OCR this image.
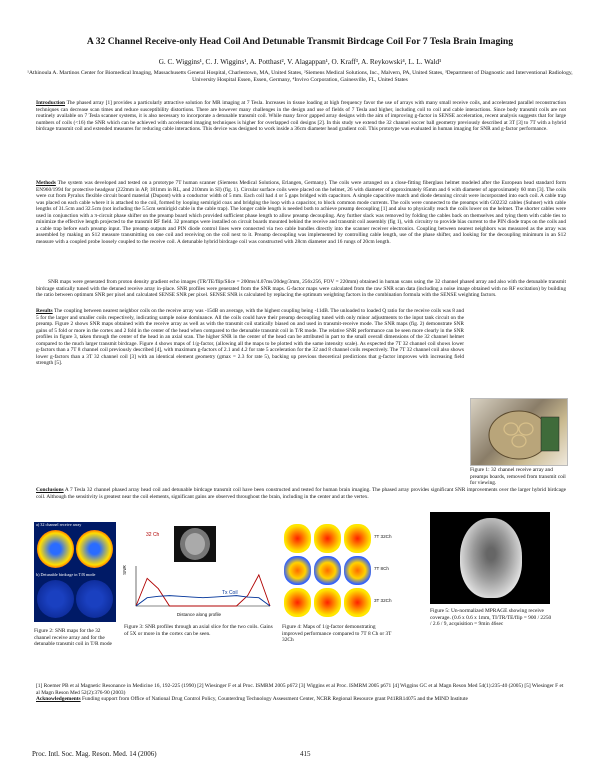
A 32 Channel Receive-only Head Coil And Detunable Transmit Birdcage Coil For 7 Tesla Brain Imaging
G. C. Wiggins¹, C. J. Wiggins¹, A. Potthast², V. Alagappan¹, O. Kraff³, A. Reykowski⁴, L. L. Wald¹
¹Athinoula A. Martinos Center for Biomedical Imaging, Massachusetts General Hospital, Charlestown, MA, United States, ²Siemens Medical Solutions, Inc., Malvern, PA, United States, ³Department of Diagnostic and Interventional Radiology, University Hospital Essen, Essen, Germany, ⁴Invivo Corporation, Gainesville, FL, United States
Introduction The phased array [1] provides a particularly attractive solution for MR imaging at 7 Tesla. Increases in tissue loading at high frequency favor the use of arrays with many small receive coils, and accelerated parallel reconstruction techniques can decrease scan times and reduce susceptibility distortions. There are however many challenges in the design and use of fields of 7 Tesla and higher, including coil to coil and cable interactions. Since body transmit coils are not routinely available on 7 Tesla scanner systems, it is also necessary to incorporate a detunable transmit coil. While many favor gapped array designs with the aim of improving g-factor in SENSE acceleration, recent analysis suggests that for large numbers of coils (<16) the SNR which can be achieved with accelerated imaging techniques is higher for overlapped coil designs [2]. In this study we extend the 32 channel soccer ball geometry previously described at 3T [3] to 7T with a hybrid birdcage transmit coil and extended measures for reducing cable interactions. This device was designed to work inside a 36cm diameter head gradient coil. This prototype was evaluated in human imaging for SNR and g-factor performance.
Methods The system was developed and tested on a prototype 7T human scanner (Siemens Medical Solutions, Erlangen, Germany). The coils were arranged on a close-fitting fiberglass helmet modeled after the European head standard form EN960/1994 for protective headgear (222mm in AP, 181mm in RL, and 210mm in SI) (fig. 1). Circular surface coils were placed on the helmet, 26 with diameter of approximately 85mm and 6 with diameter of approximately 60 mm [3]. The coils were cut from Pyralux flexible circuit board material (Dupont) with a conductor width of 5 mm. Each coil had 4 or 5 gaps bridged with capacitors. A simple capacitive match and diode detuning circuit were incorporated into each coil. A cable trap was placed on each cable where it is attached to the coil, formed by looping semirigid coax and bridging the loop with a capacitor, to block common mode currents. The coils were connected to the preamps with G02232 cables (Suhner) with cable lengths of 31.5cm and 32.5cm (not including the 5.5cm semirigid cable in the cable trap). The longer cable length is needed both to achieve preamp decoupling [1] and also to physically reach the coils lower on the helmet. The shorter cables were used in conjunction with a π-circuit phase shifter on the preamp board which provided sufficient phase length to allow preamp decoupling. Any further slack was removed by folding the cables back on themselves and tying them with cable ties to minimize the effective length projected to the transmit RF field. 32 preamps were installed on circuit boards mounted behind the receive and transmit coil assembly (fig 1), with circuitry to provide bias current to the PIN diode traps on the coils and a cable trap before each preamp input. The preamp outputs and PIN diode control lines were connected via two cable bundles directly into the scanner receiver electronics. Coupling between nearest neighbors was measured as the array was assembled by making an S12 measure transmitting on one coil and receiving on the coil next to it. Preamp decoupling was implemented by controlling cable length, use of the phase shifter, and looking for the decoupling minimum in an S12 measure with a coupled probe loosely coupled to the receive coil. A detunable hybrid birdcage coil was constructed with 28cm diameter and 16 rungs of 20cm length.
SNR maps were generated from proton density gradient echo images (TR/TE/flip/Slice = 200ms/4.07ms/20deg/3mm, 256x256, FOV = 220mm) obtained in human scans using the 32 channel phased array and also with the detunable transmit birdcage statically tuned with the detuned receive array in-place. SNR profiles were generated from the SNR maps. G-factor maps were calculated from the raw SNR scan data (including a noise image obtained with no RF excitation) by building the ratio between optimum SNR per pixel and calculated SENSE SNR per pixel. SENSE SNR is calculated by replacing the optimum weighting factors in the combination formula with the SENSE weighting factors.
Results The coupling between nearest neighbor coils on the receive array was -15dB on average, with the highest coupling being -11dB. The unloaded to loaded Q ratio for the receive coils was 8 and 5 for the larger and smaller coils respectively, indicating sample noise dominance. All the coils could have their preamp decoupling tuned with only minor adjustments to the input tank circuit on the preamp. Figure 2 shows SNR maps obtained with the receive array as well as with the transmit coil statically biased on and used in transmit-receive mode. The SNR maps (fig. 2) demonstrate SNR gains of 5 fold or more in the cortex and 2 fold in the center of the head when compared to the detunable transmit coil in T/R mode. The relative SNR performance can be seen more clearly in the SNR profiles in figure 3, taken through the center of the head in an axial scan. The higher SNR in the center of the head can be attributed in part to the small overall dimensions of the 32 channel helmet compared to the much larger transmit birdcage. Figure 4 shows maps of 1/g-factor, (allowing all the maps to be plotted with the same intensity scale). As expected the 7T 32 channel coil shows lower g-factors than a 7T 8 channel coil previously described [4], with maximum g-factors of 2.1 and 4.2 for rate 5 acceleration for the 32 and 8 channel coils respectively. The 7T 32 channel coil also shows lower g-factors than a 3T 32 channel coil [3] with an identical element geometry (gmax = 2.3 for rate 5), backing up previous theoretical predictions that g-factor improves with increasing field strength [5].
Figure 1: 32 channel receive array and preamps boards, removed from transmit coil for viewing.
Conclusions A 7 Tesla 32 channel phased array head coil and detunable birdcage transmit coil have been constructed and tested for human brain imaging. The phased array provides significant SNR improvements over the larger hybrid birdcage coil. Although the sensitivity is greatest near the coil elements, significant gains are observed throughout the brain, including in the center and at the vertex.
a) 32 channel receive array
b) Detunable birdcage in T/R mode
Figure 2: SNR maps for the 32 channel receive array and for the detunable transmit coil in T/R mode
32 Ch
Tx Coil
Distance along profile
SNR
Figure 3: SNR profiles through an axial slice for the two coils. Gains of 5X or more in the cortex can be seen.
7T 32Ch
7T 8Ch
3T 32Ch
Figure 4: Maps of 1/g-factor demonstrating improved performance compared to 7T 8 Ch or 3T 32Ch
Figure 5: Un-normalized MPRAGE showing receive coverage. (0.6 x 0.6 x 1mm, TI/TR/TE/flip = 900 / 2250 / 2.6 / 9, acquisition = 9min 46sec
[1] Roemer PB et al Magnetic Resonance in Medicine 16, 192-225 (1990) [2] Wiesinger F et al Proc. ISMRM 2005 p672 [3] Wiggins et al Proc. ISMRM 2005 p671 [4] Wiggins GC et al Magn Reson Med 54(1):235-40 (2005) [5] Wiesinger F et al Magn Reson Med 52(2):376-90 (2003)
Acknowledgements Funding support from Office of National Drug Control Policy, Counterdrug Technology Assessment Center, NCRR Regional Resource grant P41RR14075 and the MIND Institute
Proc. Intl. Soc. Mag. Reson. Med. 14 (2006)	415
